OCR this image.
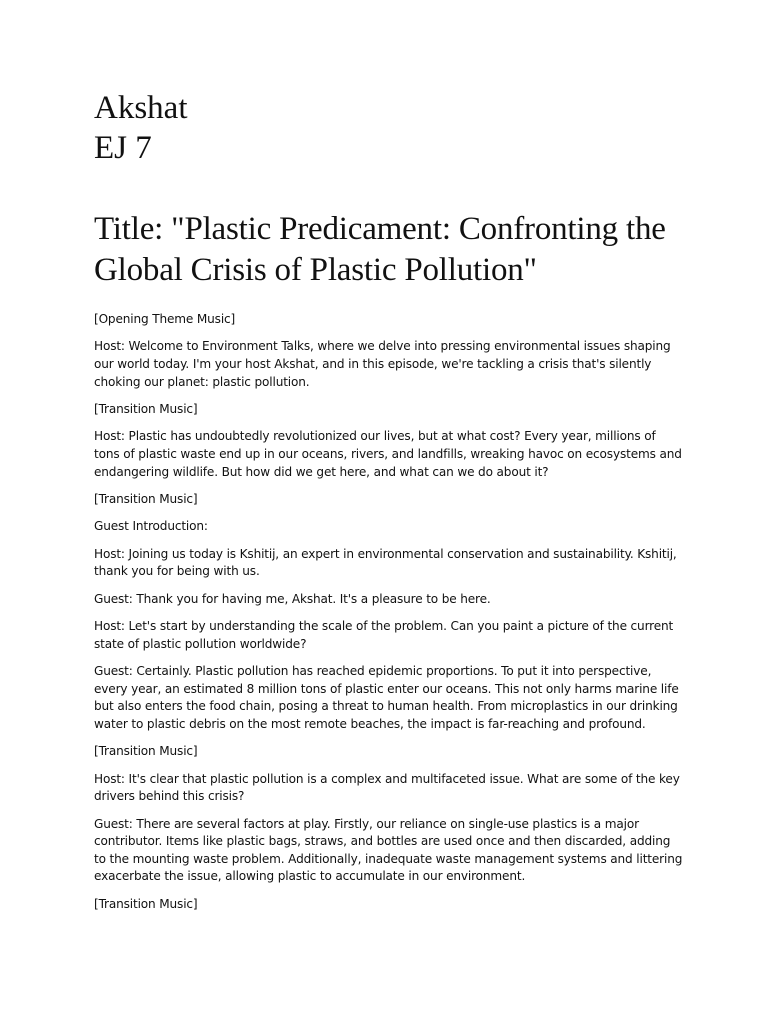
Akshat

EJ 7

Title: "Plastic Predicament: Confronting the Global Crisis of Plastic Pollution"

[Opening Theme Music]

Host: Welcome to Environment Talks, where we delve into pressing environmental issues shaping our world today. I'm your host Akshat, and in this episode, we're tackling a crisis that's silently choking our planet: plastic pollution.

[Transition Music]

Host: Plastic has undoubtedly revolutionized our lives, but at what cost? Every year, millions of tons of plastic waste end up in our oceans, rivers, and landfills, wreaking havoc on ecosystems and endangering wildlife. But how did we get here, and what can we do about it?

[Transition Music]

Guest Introduction:

Host: Joining us today is Kshitij, an expert in environmental conservation and sustainability. Kshitij, thank you for being with us.

Guest: Thank you for having me, Akshat. It's a pleasure to be here.

Host: Let's start by understanding the scale of the problem. Can you paint a picture of the current state of plastic pollution worldwide?

Guest: Certainly. Plastic pollution has reached epidemic proportions. To put it into perspective, every year, an estimated 8 million tons of plastic enter our oceans. This not only harms marine life but also enters the food chain, posing a threat to human health. From microplastics in our drinking water to plastic debris on the most remote beaches, the impact is far-reaching and profound.

[Transition Music]

Host: It's clear that plastic pollution is a complex and multifaceted issue. What are some of the key drivers behind this crisis?

Guest: There are several factors at play. Firstly, our reliance on single-use plastics is a major contributor. Items like plastic bags, straws, and bottles are used once and then discarded, adding to the mounting waste problem. Additionally, inadequate waste management systems and littering exacerbate the issue, allowing plastic to accumulate in our environment.

[Transition Music]
